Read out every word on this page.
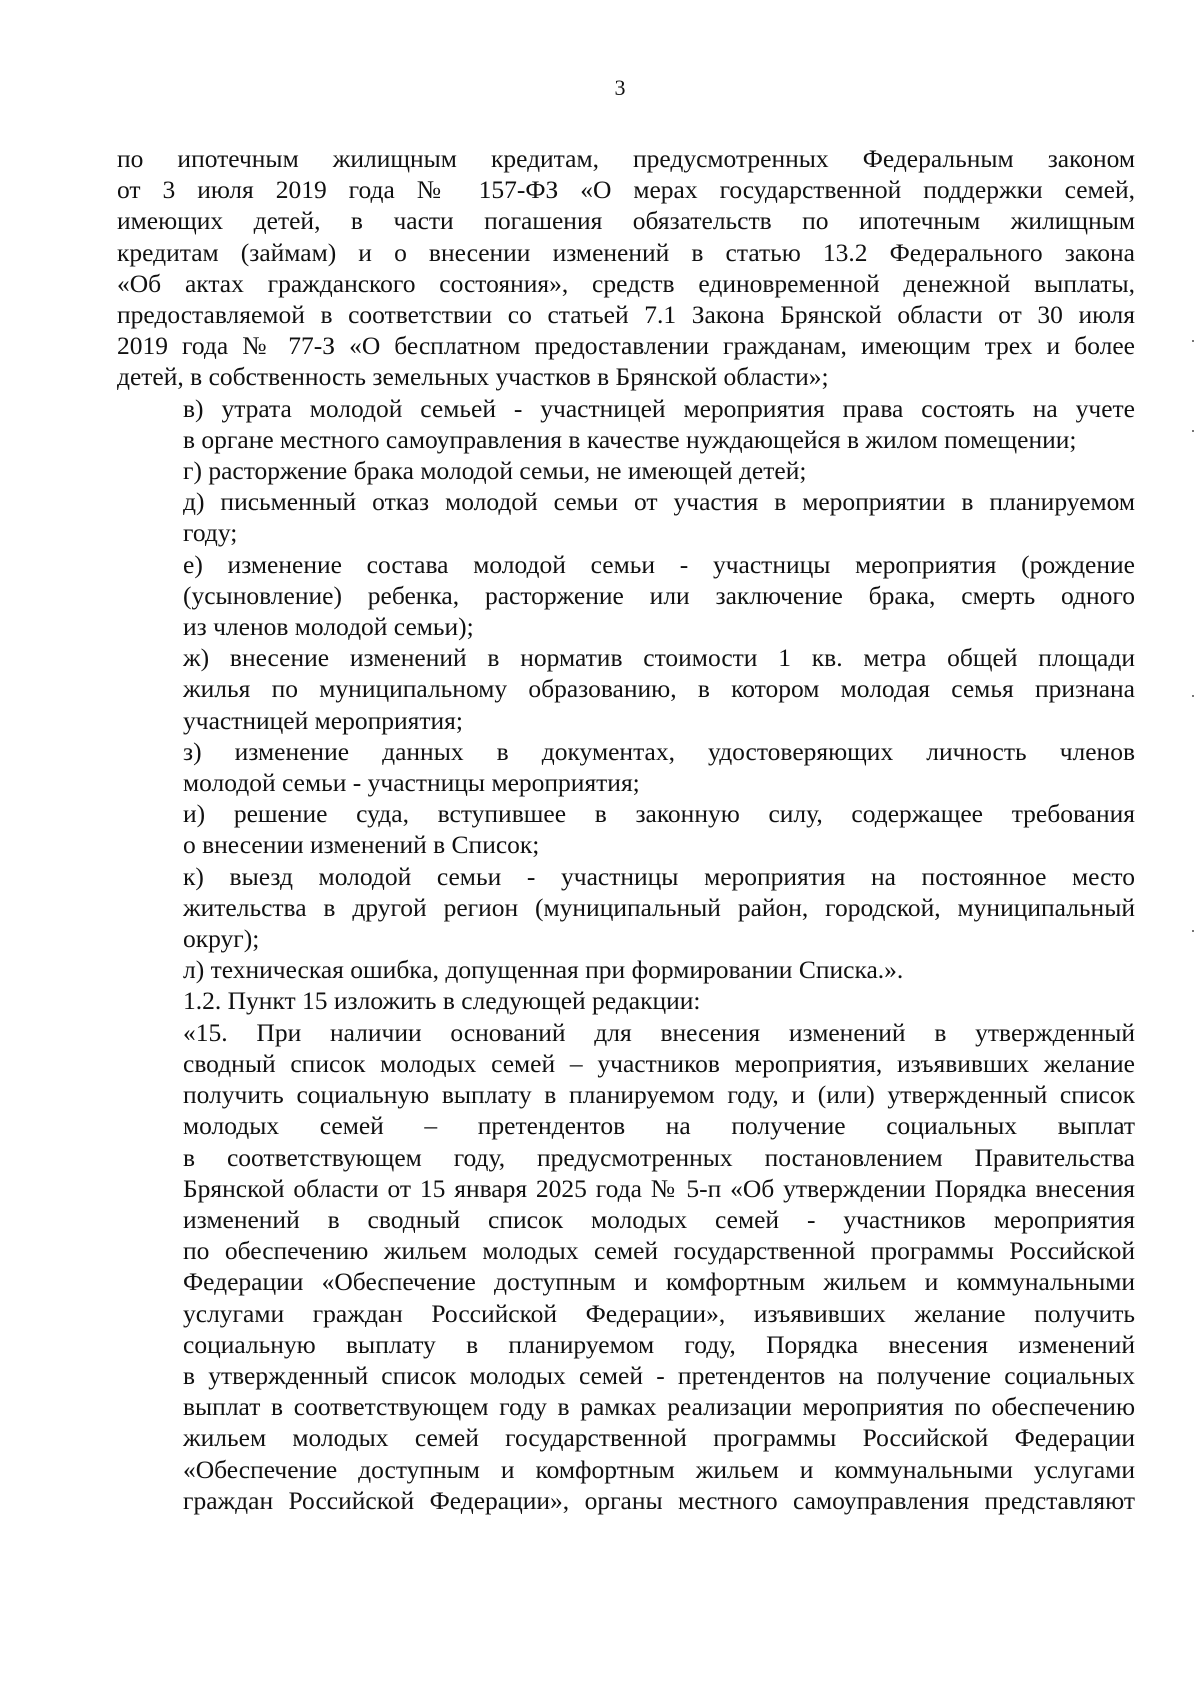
3

по ипотечным жилищным кредитам, предусмотренных Федеральным законом
от 3 июля 2019 года № 157-ФЗ «О мерах государственной поддержки семей,
имеющих детей, в части погашения обязательств по ипотечным жилищным
кредитам (займам) и о внесении изменений в статью 13.2 Федерального закона
«Об актах гражданского состояния», средств единовременной денежной выплаты,
предоставляемой в соответствии со статьей 7.1 Закона Брянской области от 30 июля
2019 года № 77-З «О бесплатном предоставлении гражданам, имеющим трех и более
детей, в собственность земельных участков в Брянской области»;

в) утрата молодой семьей - участницей мероприятия права состоять на учете
в органе местного самоуправления в качестве нуждающейся в жилом помещении;

г) расторжение брака молодой семьи, не имеющей детей;

д) письменный отказ молодой семьи от участия в мероприятии в планируемом
году;

е) изменение состава молодой семьи - участницы мероприятия (рождение
(усыновление) ребенка, расторжение или заключение брака, смерть одного
из членов молодой семьи);

ж) внесение изменений в норматив стоимости 1 кв. метра общей площади
жилья по муниципальному образованию, в котором молодая семья признана
участницей мероприятия;

з) изменение данных в документах, удостоверяющих личность членов
молодой семьи - участницы мероприятия;

и) решение суда, вступившее в законную силу, содержащее требования
о внесении изменений в Список;

к) выезд молодой семьи - участницы мероприятия на постоянное место
жительства в другой регион (муниципальный район, городской, муниципальный
округ);

л) техническая ошибка, допущенная при формировании Списка.».

1.2. Пункт 15 изложить в следующей редакции:

«15. При наличии оснований для внесения изменений в утвержденный
сводный список молодых семей – участников мероприятия, изъявивших желание
получить социальную выплату в планируемом году, и (или) утвержденный список
молодых семей – претендентов на получение социальных выплат
в соответствующем году, предусмотренных постановлением Правительства
Брянской области от 15 января 2025 года № 5-п «Об утверждении Порядка внесения
изменений в сводный список молодых семей - участников мероприятия
по обеспечению жильем молодых семей государственной программы Российской
Федерации «Обеспечение доступным и комфортным жильем и коммунальными
услугами граждан Российской Федерации», изъявивших желание получить
социальную выплату в планируемом году, Порядка внесения изменений
в утвержденный список молодых семей - претендентов на получение социальных
выплат в соответствующем году в рамках реализации мероприятия по обеспечению
жильем молодых семей государственной программы Российской Федерации
«Обеспечение доступным и комфортным жильем и коммунальными услугами
граждан Российской Федерации», органы местного самоуправления представляют
